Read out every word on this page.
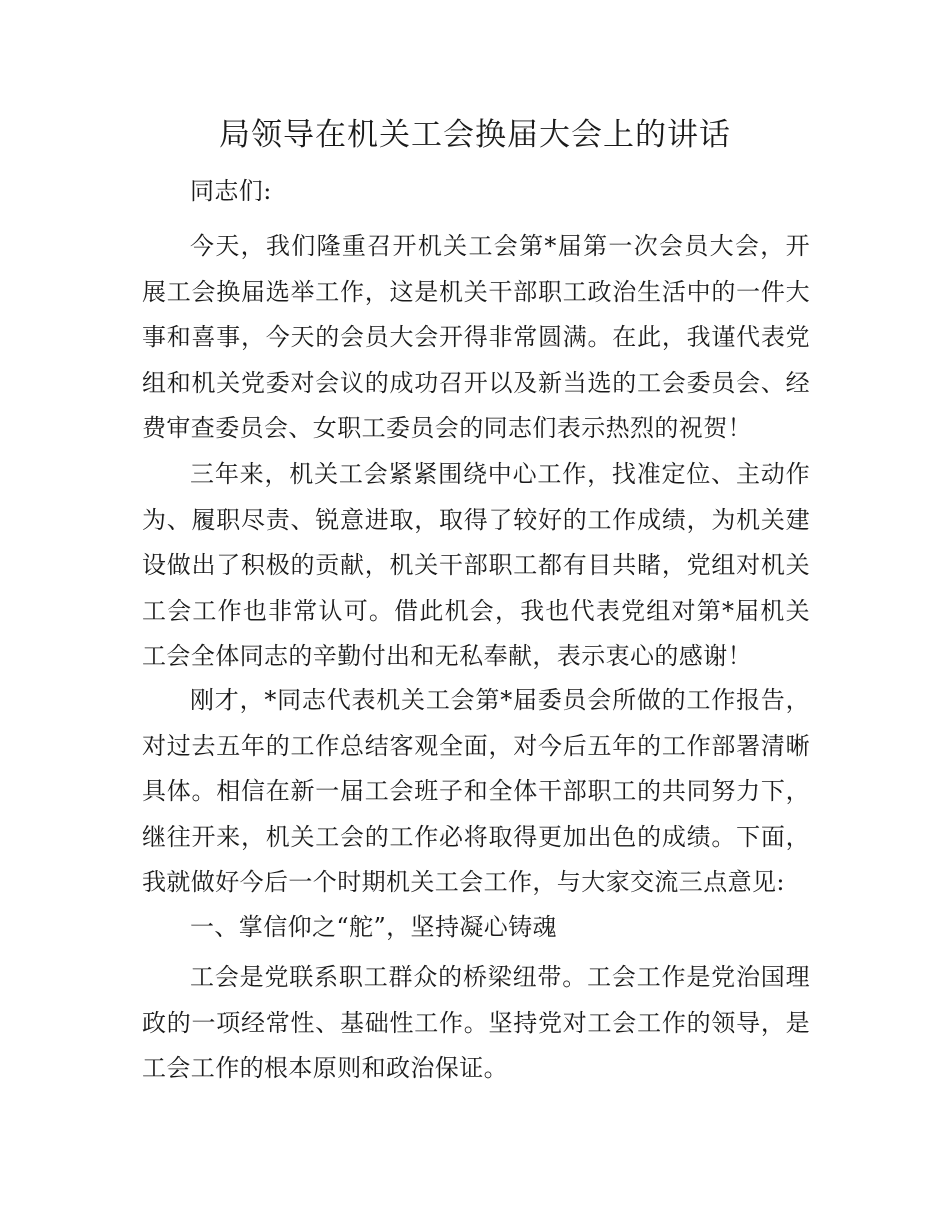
局领导在机关工会换届大会上的讲话

同志们:

今天，我们隆重召开机关工会第*届第一次会员大会，开展工会换届选举工作，这是机关干部职工政治生活中的一件大事和喜事，今天的会员大会开得非常圆满。在此，我谨代表党组和机关党委对会议的成功召开以及新当选的工会委员会、经费审查委员会、女职工委员会的同志们表示热烈的祝贺！

三年来，机关工会紧紧围绕中心工作，找准定位、主动作为、履职尽责、锐意进取，取得了较好的工作成绩，为机关建设做出了积极的贡献，机关干部职工都有目共睹，党组对机关工会工作也非常认可。借此机会，我也代表党组对第*届机关工会全体同志的辛勤付出和无私奉献，表示衷心的感谢！

刚才，*同志代表机关工会第*届委员会所做的工作报告，对过去五年的工作总结客观全面，对今后五年的工作部署清晰具体。相信在新一届工会班子和全体干部职工的共同努力下，继往开来，机关工会的工作必将取得更加出色的成绩。下面，我就做好今后一个时期机关工会工作，与大家交流三点意见:

一、掌信仰之“舵”，坚持凝心铸魂

工会是党联系职工群众的桥梁纽带。工会工作是党治国理政的一项经常性、基础性工作。坚持党对工会工作的领导，是工会工作的根本原则和政治保证。
